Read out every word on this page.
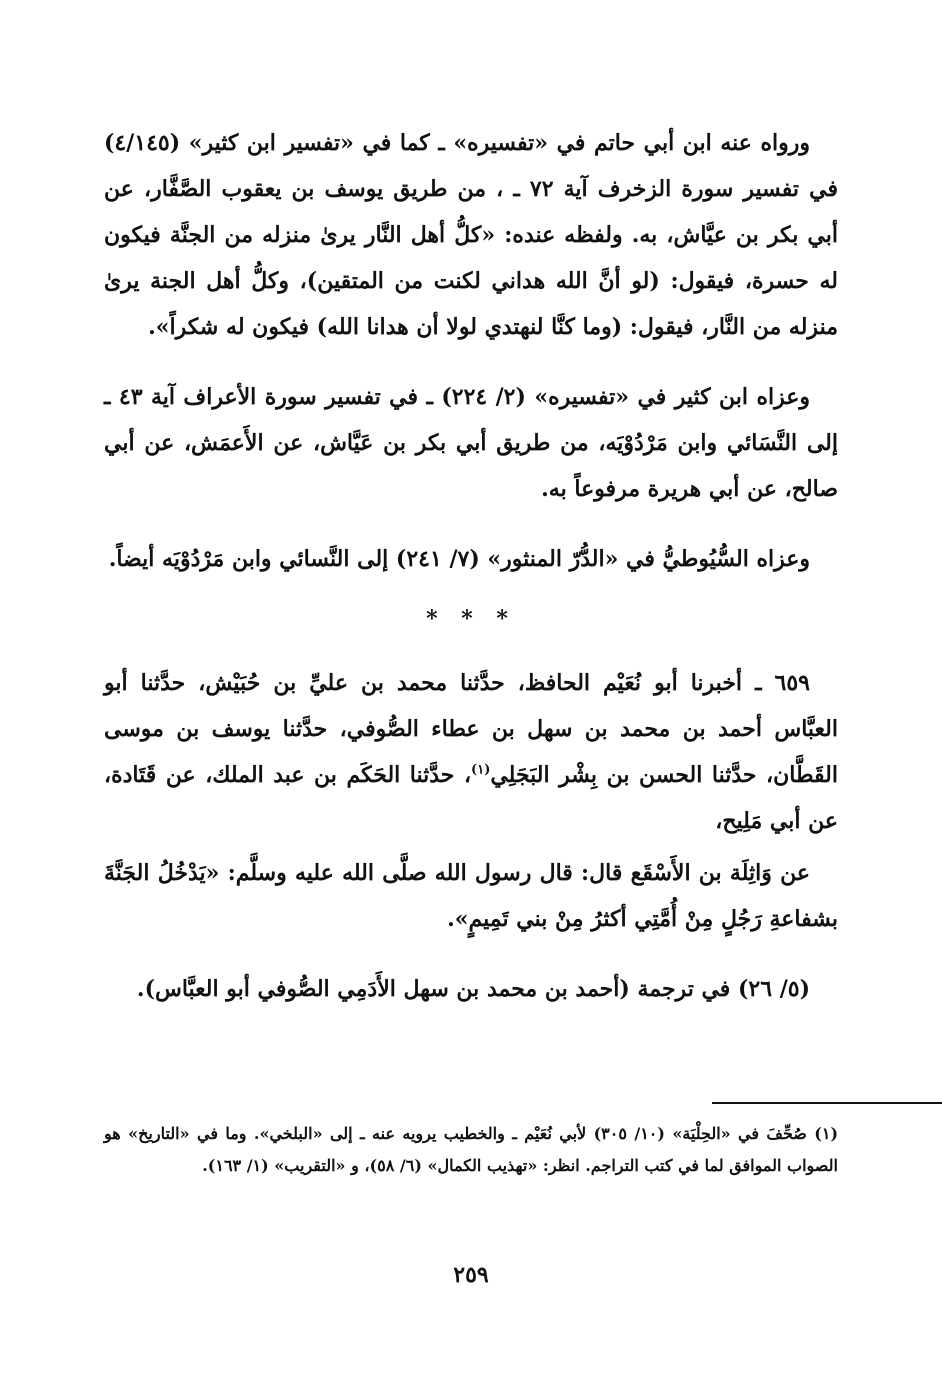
ورواه عنه ابن أبي حاتم في «تفسيره» ـ كما في «تفسير ابن كثير» (٤/١٤٥) في تفسير سورة الزخرف آية ٧٢ ـ ، من طريق يوسف بن يعقوب الصَّفَّار، عن أبي بكر بن عيَّاش، به. ولفظه عنده: «كلُّ أهل النَّار يرىٰ منزله من الجنَّة فيكون له حسرة، فيقول: (لو أنَّ الله هداني لكنت من المتقين)، وكلُّ أهل الجنة يرىٰ منزله من النَّار، فيقول: (وما كنَّا لنهتدي لولا أن هدانا الله) فيكون له شكراً».

وعزاه ابن كثير في «تفسيره» (٢/ ٢٢٤) ـ في تفسير سورة الأعراف آية ٤٣ ـ إلى النَّسَائي وابن مَرْدُوْيَه، من طريق أبي بكر بن عَيَّاش، عن الأَعمَش، عن أبي صالح، عن أبي هريرة مرفوعاً به.

وعزاه السُّيُوطيُّ في «الدُّرّ المنثور» (٧/ ٢٤١) إلى النَّسائي وابن مَرْدُوْيَه أيضاً.

* * *

٦٥٩ ـ أخبرنا أبو نُعَيْم الحافظ، حدَّثنا محمد بن عليِّ بن حُبَيْش، حدَّثنا أبو العبَّاس أحمد بن محمد بن سهل بن عطاء الصُّوفي، حدَّثنا يوسف بن موسى القَطَّان، حدَّثنا الحسن بن بِشْر البَجَلِي$^{(١)}$، حدَّثنا الحَكَم بن عبد الملك، عن قَتَادة، عن أبي مَلِيح،

عن وَاثِلَة بن الأَسْقَع قال: قال رسول الله صلَّى الله عليه وسلَّم: «يَدْخُلُ الجَنَّةَ بشفاعةِ رَجُلٍ مِنْ أُمَّتِي أكثرُ مِنْ بني تَمِيمٍ».

(٥/ ٢٦) في ترجمة (أحمد بن محمد بن سهل الأَدَمِي الصُّوفي أبو العبَّاس).

(١) صُحِّفَ في «الحِلْيَة» (١٠/ ٣٠٥) لأبي نُعَيْم ـ والخطيب يرويه عنه ـ إلى «البلخي». وما في «التاريخ» هو الصواب الموافق لما في كتب التراجم. انظر: «تهذيب الكمال» (٦/ ٥٨)، و «التقريب» (١/ ١٦٣).
٢٥٩
